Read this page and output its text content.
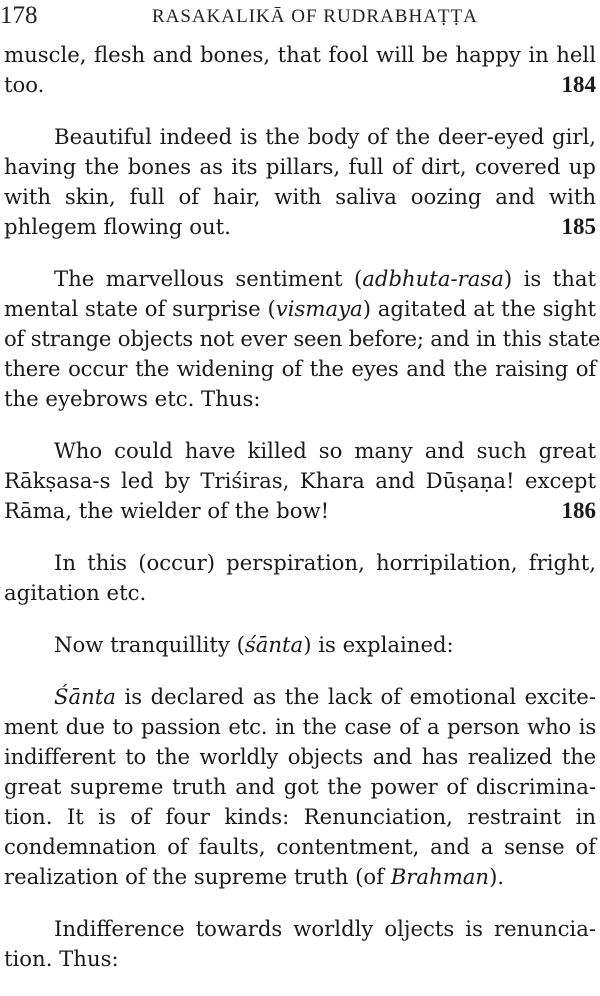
178	RASAKALIKĀ OF RUDRABHAṬṬA
muscle, flesh and bones, that fool will be happy in hell
too.	184
Beautiful indeed is the body of the deer-eyed girl,
having the bones as its pillars, full of dirt, covered up
with skin, full of hair, with saliva oozing and with
phlegem flowing out.	185
The marvellous sentiment (adbhuta-rasa) is that
mental state of surprise (vismaya) agitated at the sight
of strange objects not ever seen before; and in this state
there occur the widening of the eyes and the raising of
the eyebrows etc. Thus:
Who could have killed so many and such great
Rākṣasa-s led by Triśiras, Khara and Dūṣaṇa! except
Rāma, the wielder of the bow!	186
In this (occur) perspiration, horripilation, fright,
agitation etc.
Now tranquillity (śānta) is explained:
Śānta is declared as the lack of emotional excite-
ment due to passion etc. in the case of a person who is
indifferent to the worldly objects and has realized the
great supreme truth and got the power of discrimina-
tion. It is of four kinds: Renunciation, restraint in
condemnation of faults, contentment, and a sense of
realization of the supreme truth (of Brahman).
Indifference towards worldly oljects is renuncia-
tion. Thus:
